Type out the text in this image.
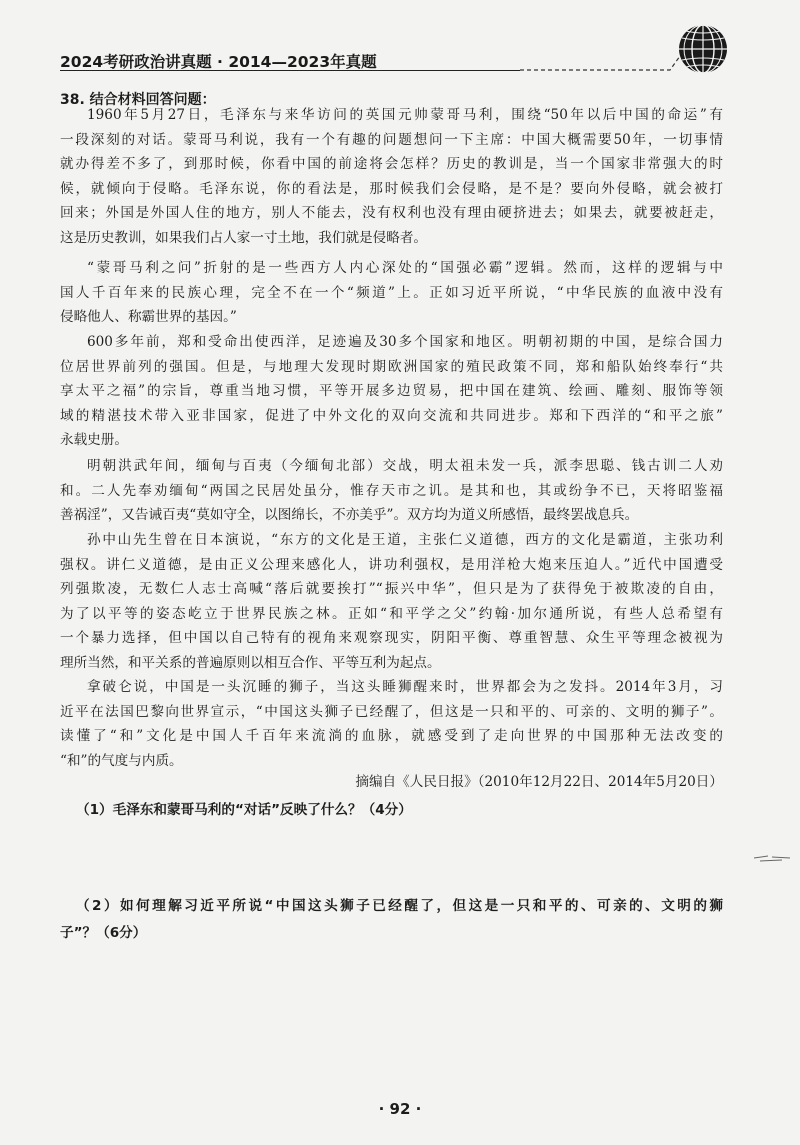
2024考研政治讲真题 · 2014—2023年真题
38. 结合材料回答问题：
1960年5月27日，毛泽东与来华访问的英国元帅蒙哥马利，围绕“50年以后中国的命运”有
一段深刻的对话。蒙哥马利说，我有一个有趣的问题想问一下主席：中国大概需要50年，一切事情
就办得差不多了，到那时候，你看中国的前途将会怎样？历史的教训是，当一个国家非常强大的时
候，就倾向于侵略。毛泽东说，你的看法是，那时候我们会侵略，是不是？要向外侵略，就会被打
回来；外国是外国人住的地方，别人不能去，没有权利也没有理由硬挤进去；如果去，就要被赶走，
这是历史教训，如果我们占人家一寸土地，我们就是侵略者。
“蒙哥马利之问”折射的是一些西方人内心深处的“国强必霸”逻辑。然而，这样的逻辑与中
国人千百年来的民族心理，完全不在一个“频道”上。正如习近平所说，“中华民族的血液中没有
侵略他人、称霸世界的基因。”
600多年前，郑和受命出使西洋，足迹遍及30多个国家和地区。明朝初期的中国，是综合国力
位居世界前列的强国。但是，与地理大发现时期欧洲国家的殖民政策不同，郑和船队始终奉行“共
享太平之福”的宗旨，尊重当地习惯，平等开展多边贸易，把中国在建筑、绘画、雕刻、服饰等领
域的精湛技术带入亚非国家，促进了中外文化的双向交流和共同进步。郑和下西洋的“和平之旅”
永载史册。
明朝洪武年间，缅甸与百夷（今缅甸北部）交战，明太祖未发一兵，派李思聪、钱古训二人劝
和。二人先奉劝缅甸“两国之民居处虽分，惟存天市之讥。是其和也，其或纷争不已，天将昭鉴福
善祸淫”，又告诫百夷“莫如守全，以图绵长，不亦美乎”。双方均为道义所感悟，最终罢战息兵。
孙中山先生曾在日本演说，“东方的文化是王道，主张仁义道德，西方的文化是霸道，主张功利
强权。讲仁义道德，是由正义公理来感化人，讲功利强权，是用洋枪大炮来压迫人。”近代中国遭受
列强欺凌，无数仁人志士高喊“落后就要挨打”“振兴中华”，但只是为了获得免于被欺凌的自由，
为了以平等的姿态屹立于世界民族之林。正如“和平学之父”约翰·加尔通所说，有些人总希望有
一个暴力选择，但中国以自己特有的视角来观察现实，阴阳平衡、尊重智慧、众生平等理念被视为
理所当然，和平关系的普遍原则以相互合作、平等互利为起点。
拿破仑说，中国是一头沉睡的狮子，当这头睡狮醒来时，世界都会为之发抖。2014年3月，习
近平在法国巴黎向世界宣示，“中国这头狮子已经醒了，但这是一只和平的、可亲的、文明的狮子”。
读懂了“和”文化是中国人千百年来流淌的血脉，就感受到了走向世界的中国那种无法改变的
“和”的气度与内质。
摘编自《人民日报》（2010年12月22日、2014年5月20日）
（1）毛泽东和蒙哥马利的“对话”反映了什么？（4分）
（2）如何理解习近平所说“中国这头狮子已经醒了，但这是一只和平的、可亲的、文明的狮
子”？（6分）
· 92 ·
